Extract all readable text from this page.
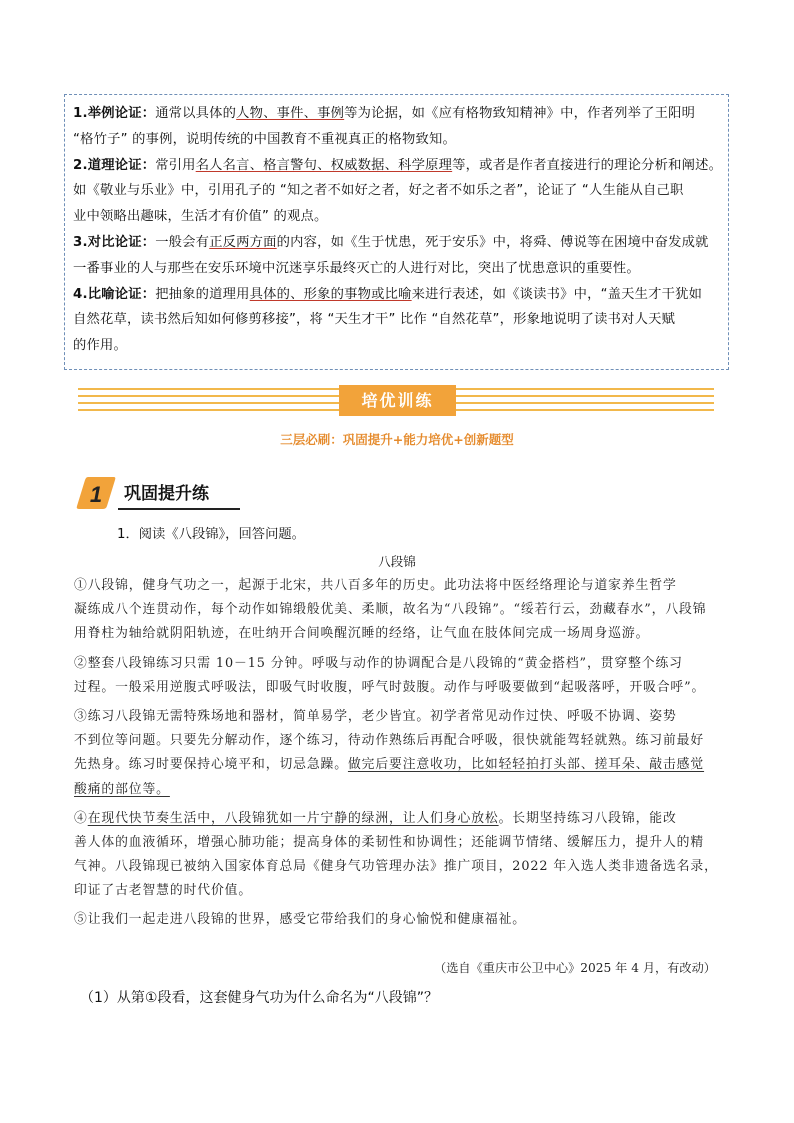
1.举例论证：通常以具体的人物、事件、事例等为论据，如《应有格物致知精神》中，作者列举了王阳明
“格竹子” 的事例，说明传统的中国教育不重视真正的格物致知。
2.道理论证：常引用名人名言、格言警句、权威数据、科学原理等，或者是作者直接进行的理论分析和阐述。
如《敬业与乐业》中，引用孔子的 “知之者不如好之者，好之者不如乐之者”，论证了 “人生能从自己职
业中领略出趣味，生活才有价值” 的观点。
3.对比论证：一般会有正反两方面的内容，如《生于忧患，死于安乐》中，将舜、傅说等在困境中奋发成就
一番事业的人与那些在安乐环境中沉迷享乐最终灭亡的人进行对比，突出了忧患意识的重要性。
4.比喻论证：把抽象的道理用具体的、形象的事物或比喻来进行表述，如《谈读书》中，“盖天生才干犹如
自然花草，读书然后知如何修剪移接”，将 “天生才干” 比作 “自然花草”，形象地说明了读书对人天赋
的作用。
培优训练
三层必刷：巩固提升+能力培优+创新题型
1 巩固提升练
1．阅读《八段锦》，回答问题。
八段锦
①八段锦，健身气功之一，起源于北宋，共八百多年的历史。此功法将中医经络理论与道家养生哲学
凝练成八个连贯动作，每个动作如锦缎般优美、柔顺，故名为“八段锦”。“绥若行云，劲藏春水”，八段锦
用脊柱为轴给就阴阳轨迹，在吐纳开合间唤醒沉睡的经络，让气血在肢体间完成一场周身巡游。
②整套八段锦练习只需 10－15 分钟。呼吸与动作的协调配合是八段锦的“黄金搭档”，贯穿整个练习
过程。一般采用逆腹式呼吸法，即吸气时收腹，呼气时鼓腹。动作与呼吸要做到“起吸落呼，开吸合呼”。
③练习八段锦无需特殊场地和器材，简单易学，老少皆宜。初学者常见动作过快、呼吸不协调、姿势
不到位等问题。只要先分解动作，逐个练习，待动作熟练后再配合呼吸，很快就能驾轻就熟。练习前最好
先热身。练习时要保持心境平和，切忌急躁。做完后要注意收功，比如轻轻拍打头部、搓耳朵、敲击感觉
酸痛的部位等。
④在现代快节奏生活中，八段锦犹如一片宁静的绿洲，让人们身心放松。长期坚持练习八段锦，能改
善人体的血液循环，增强心肺功能；提高身体的柔韧性和协调性；还能调节情绪、缓解压力，提升人的精
气神。八段锦现已被纳入国家体育总局《健身气功管理办法》推广项目，2022 年入选人类非遗备选名录，
印证了古老智慧的时代价值。
⑤让我们一起走进八段锦的世界，感受它带给我们的身心愉悦和健康福祉。
（选自《重庆市公卫中心》2025 年 4 月，有改动）
（1）从第①段看，这套健身气功为什么命名为“八段锦”？
